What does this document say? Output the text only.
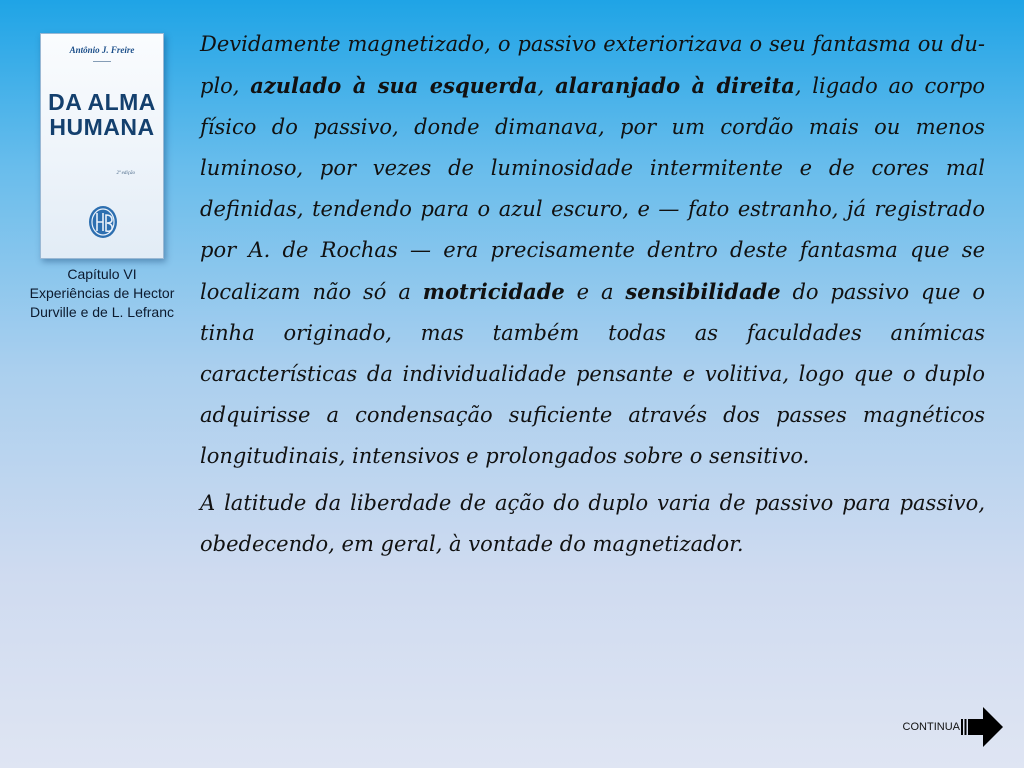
Antônio J. Freire
▬▬▬▬▬▬
DA ALMA
HUMANA
2ª edição
Capítulo VI
Experiências de Hector
Durville e de L. Lefranc

Devidamente magnetizado, o passivo exteriorizava o seu fantasma ou du-plo, azulado à sua esquerda, alaranjado à direita, ligado ao corpo físico do passivo, donde dimanava, por um cordão mais ou menos luminoso, por vezes de luminosidade intermitente e de cores mal definidas, tendendo para o azul escuro, e — fato estranho, já registrado por A. de Rochas — era precisamente dentro deste fantasma que se localizam não só a motricidade e a sensibilidade do passivo que o tinha originado, mas também todas as faculdades anímicas características da individualidade pensante e volitiva, logo que o duplo adquirisse a condensação suficiente através dos passes magnéticos longitudinais, intensivos e prolongados sobre o sensitivo.

A latitude da liberdade de ação do duplo varia de passivo para passivo, obedecendo, em geral, à vontade do magnetizador.

CONTINUA
